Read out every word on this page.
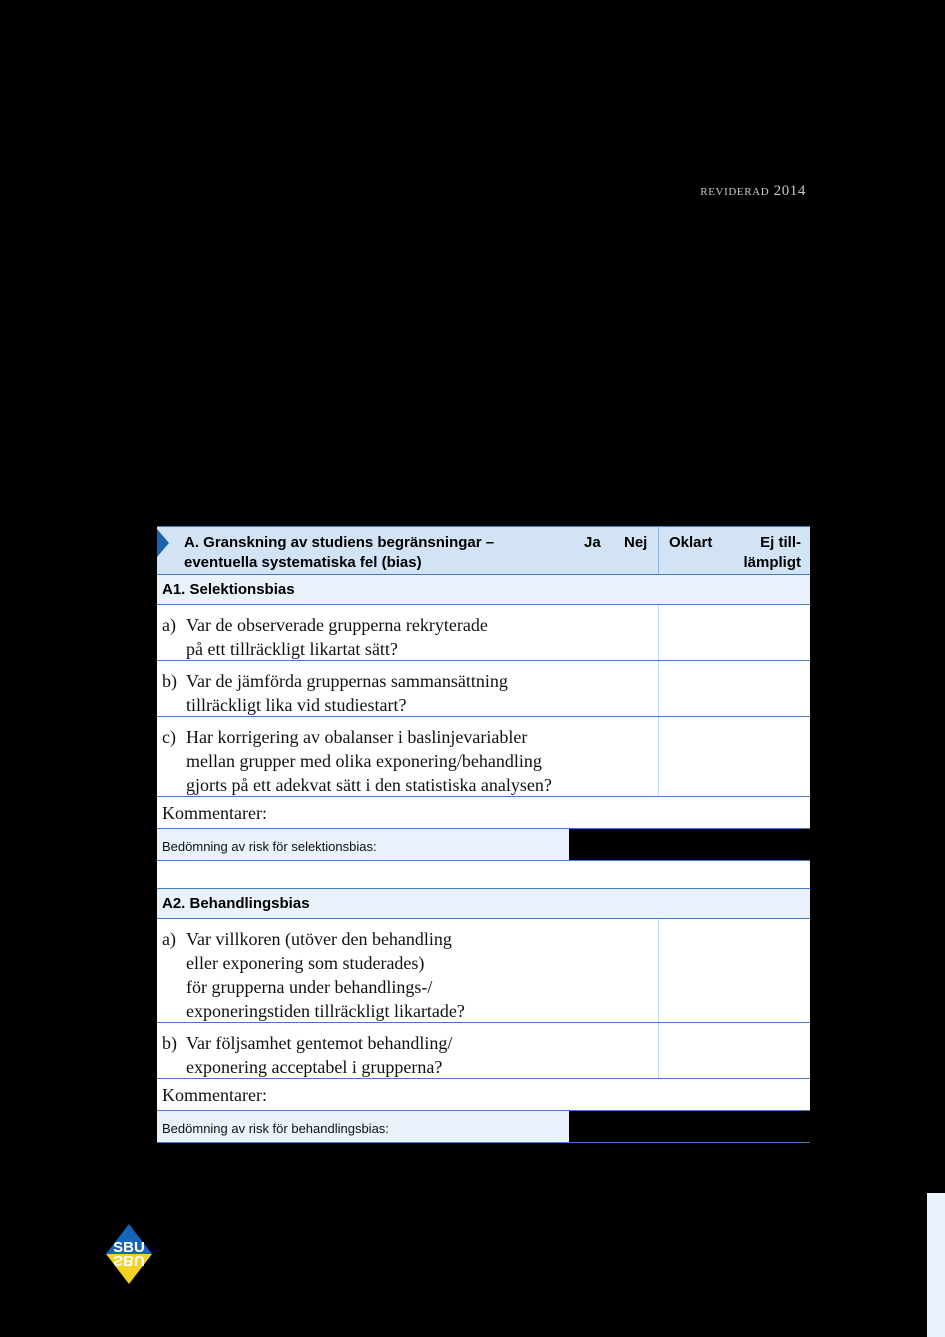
reviderad 2014
A. Granskning av studiens begränsningar –
eventuella systematiska fel (bias)
Ja Nej Oklart	Ej till-
lämpligt
A1. Selektionsbias
a) Var de observerade grupperna rekryterade
på ett tillräckligt likartat sätt?
b) Var de jämförda gruppernas sammansättning
tillräckligt lika vid studiestart?
c) Har korrigering av obalanser i baslinjevariabler
mellan grupper med olika exponering/behandling
gjorts på ett adekvat sätt i den statistiska analysen?
Kommentarer:
Bedömning av risk för selektionsbias:
A2. Behandlingsbias
a) Var villkoren (utöver den behandling
eller exponering som studerades)
för grupperna under behandlings-/
exponeringstiden tillräckligt likartade?
b) Var följsamhet gentemot behandling/
exponering acceptabel i grupperna?
Kommentarer:
Bedömning av risk för behandlingsbias:
SBU
SBU
